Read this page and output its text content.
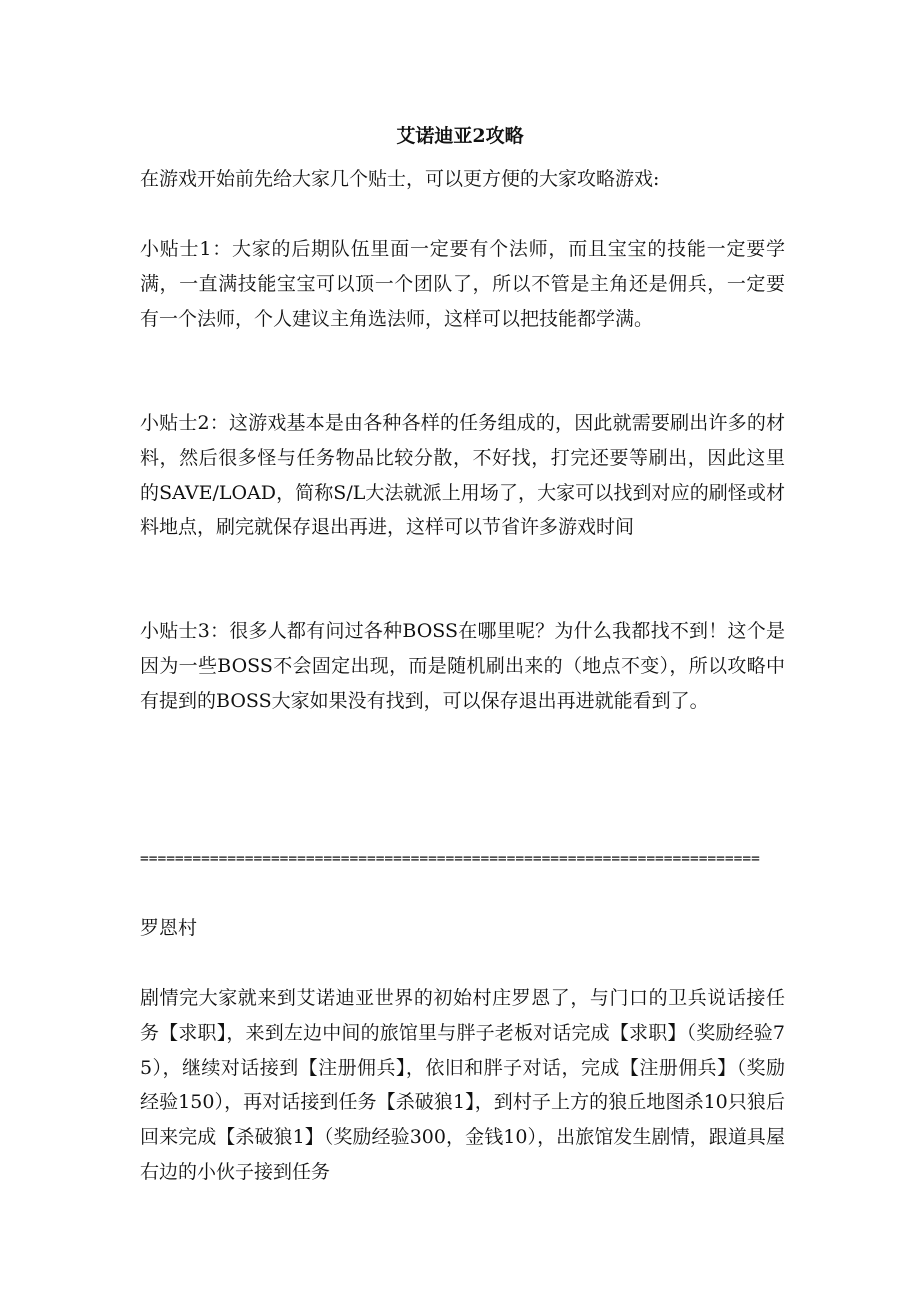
艾诺迪亚2攻略

在游戏开始前先给大家几个贴士，可以更方便的大家攻略游戏:

小贴士1：大家的后期队伍里面一定要有个法师，而且宝宝的技能一定要学满，一直满技能宝宝可以顶一个团队了，所以不管是主角还是佣兵，一定要有一个法师，个人建议主角选法师，这样可以把技能都学满。

小贴士2：这游戏基本是由各种各样的任务组成的，因此就需要刷出许多的材料，然后很多怪与任务物品比较分散，不好找，打完还要等刷出，因此这里的SAVE/LOAD，简称S/L大法就派上用场了，大家可以找到对应的刷怪或材料地点，刷完就保存退出再进，这样可以节省许多游戏时间

小贴士3：很多人都有问过各种BOSS在哪里呢？为什么我都找不到！这个是因为一些BOSS不会固定出现，而是随机刷出来的（地点不变），所以攻略中有提到的BOSS大家如果没有找到，可以保存退出再进就能看到了。

=======================================================================

罗恩村

剧情完大家就来到艾诺迪亚世界的初始村庄罗恩了，与门口的卫兵说话接任务【求职】，来到左边中间的旅馆里与胖子老板对话完成【求职】（奖励经验75），继续对话接到【注册佣兵】，依旧和胖子对话，完成【注册佣兵】（奖励经验150），再对话接到任务【杀破狼1】，到村子上方的狼丘地图杀10只狼后回来完成【杀破狼1】（奖励经验300，金钱10），出旅馆发生剧情，跟道具屋右边的小伙子接到任务
